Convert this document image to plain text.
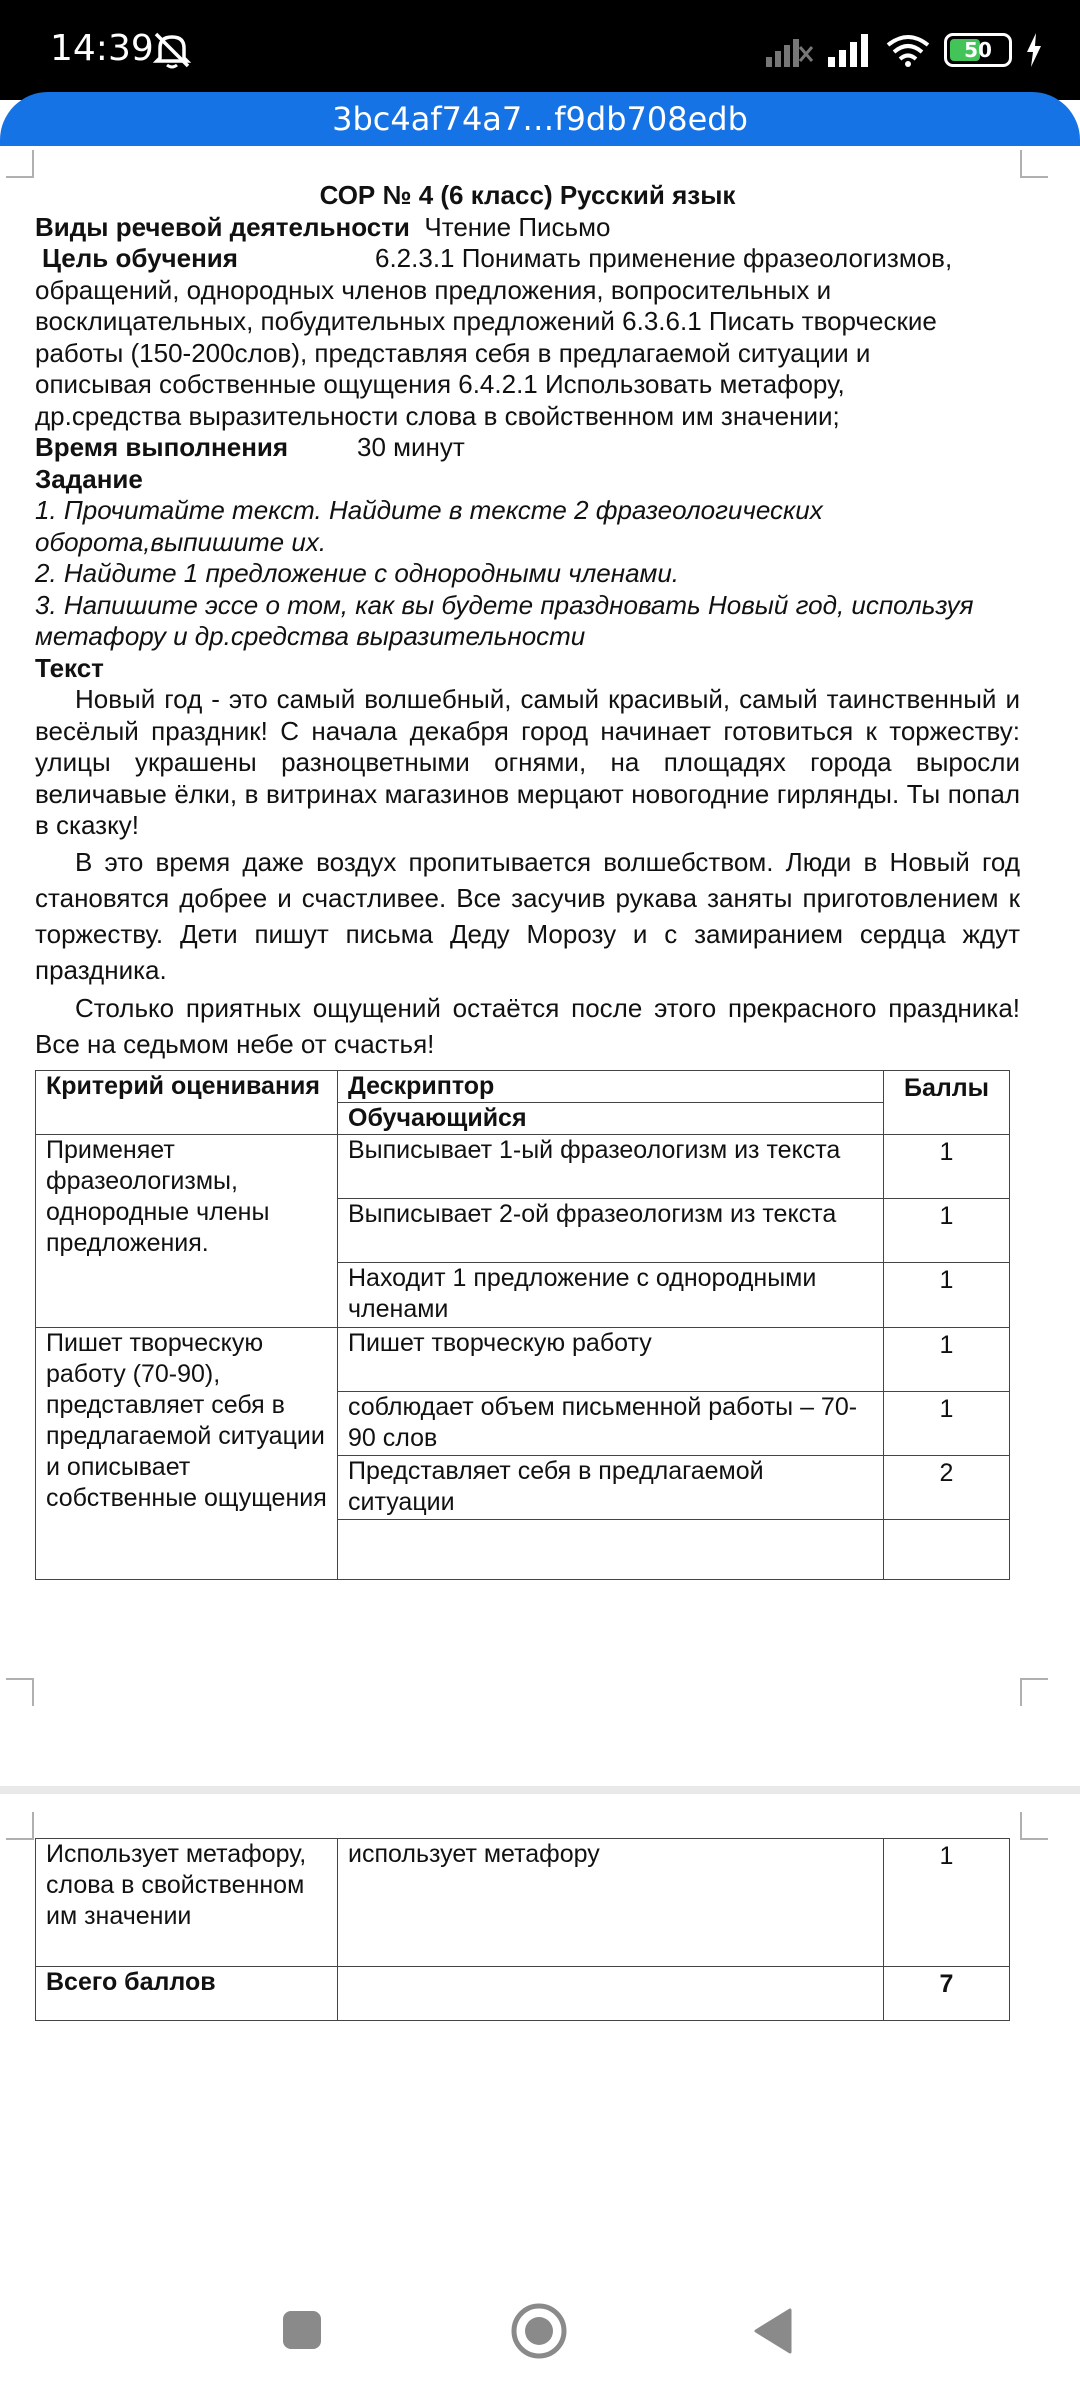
14:39	50
3bc4af74a7…f9db708edb
СОР № 4 (6 класс) Русский язык
Виды речевой деятельности Чтение Письмо
Цель обучения	6.2.3.1 Понимать применение фразеологизмов,
обращений, однородных членов предложения, вопросительных и
восклицательных, побудительных предложений 6.3.6.1 Писать творческие
работы (150-200слов), представляя себя в предлагаемой ситуации и
описывая собственные ощущения 6.4.2.1 Использовать метафору,
др.средства выразительности слова в свойственном им значении;
Время выполнения	30 минут
Задание
1. Прочитайте текст. Найдите в тексте 2 фразеологических
оборота,выпишите их.
2. Найдите 1 предложение с однородными членами.
3. Напишите эссе о том, как вы будете праздновать Новый год, используя
метафору и др.средства выразительности
Текст
Новый год - это самый волшебный, самый красивый, самый таинственный и весёлый праздник! С начала декабря город начинает готовиться к торжеству: улицы украшены разноцветными огнями, на площадях города выросли величавые ёлки, в витринах магазинов мерцают новогодние гирлянды. Ты попал в сказку!
В это время даже воздух пропитывается волшебством. Люди в Новый год становятся добрее и счастливее. Все засучив рукава заняты приготовлением к торжеству. Дети пишут письма Деду Морозу и с замиранием сердца ждут праздника.
Столько приятных ощущений остаётся после этого прекрасного праздника! Все на седьмом небе от счастья!
Критерий оценивания	Дескриптор	Баллы
	Обучающийся	
Применяет фразеологизмы, однородные члены предложения.	Выписывает 1-ый фразеологизм из текста	1
	Выписывает 2-ой фразеологизм из текста	1
	Находит 1 предложение с однородными членами	1
Пишет творческую работу (70-90), представляет себя в предлагаемой ситуации и описывает собственные ощущения	Пишет творческую работу	1
	соблюдает объем письменной работы – 70-90 слов	1
	Представляет себя в предлагаемой ситуации	2

Использует метафору, слова в свойственном им значении	использует метафору	1
Всего баллов		7
